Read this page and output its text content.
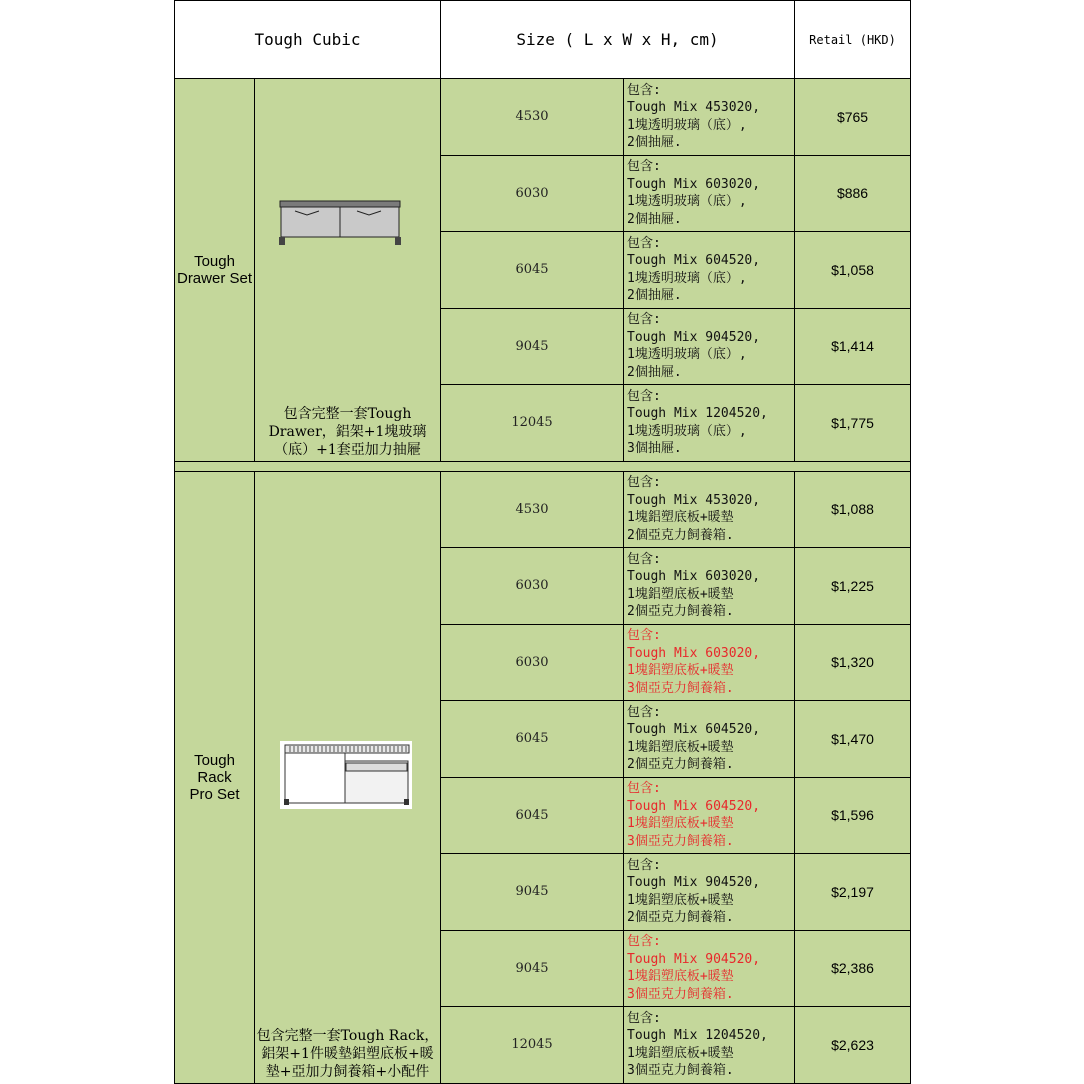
Tough Cubic		Size ( L x W x H, cm)		Retail (HKD)
Tough
Drawer Set	包含完整一套Tough Drawer，鋁架+1塊玻璃（底）+1套亞加力抽屜	4530	包含:
Tough Mix 453020,
1塊透明玻璃（底）,
2個抽屜.	$765
		6030	包含:
Tough Mix 603020,
1塊透明玻璃（底）,
2個抽屜.	$886
		6045	包含:
Tough Mix 604520,
1塊透明玻璃（底）,
2個抽屜.	$1,058
		9045	包含:
Tough Mix 904520,
1塊透明玻璃（底）,
2個抽屜.	$1,414
		12045	包含:
Tough Mix 1204520,
1塊透明玻璃（底）,
3個抽屜.	$1,775

Tough
Rack
Pro Set	包含完整一套Tough Rack，鋁架+1件暖墊鋁塑底板+暖墊+亞加力飼養箱+小配件	4530	包含:
Tough Mix 453020,
1塊鋁塑底板+暖墊
2個亞克力飼養箱.	$1,088
		6030	包含:
Tough Mix 603020,
1塊鋁塑底板+暖墊
2個亞克力飼養箱.	$1,225
		6030	包含:
Tough Mix 603020,
1塊鋁塑底板+暖墊
3個亞克力飼養箱.	$1,320
		6045	包含:
Tough Mix 604520,
1塊鋁塑底板+暖墊
2個亞克力飼養箱.	$1,470
		6045	包含:
Tough Mix 604520,
1塊鋁塑底板+暖墊
3個亞克力飼養箱.	$1,596
		9045	包含:
Tough Mix 904520,
1塊鋁塑底板+暖墊
2個亞克力飼養箱.	$2,197
		9045	包含:
Tough Mix 904520,
1塊鋁塑底板+暖墊
3個亞克力飼養箱.	$2,386
		12045	包含:
Tough Mix 1204520,
1塊鋁塑底板+暖墊
3個亞克力飼養箱.	$2,623
